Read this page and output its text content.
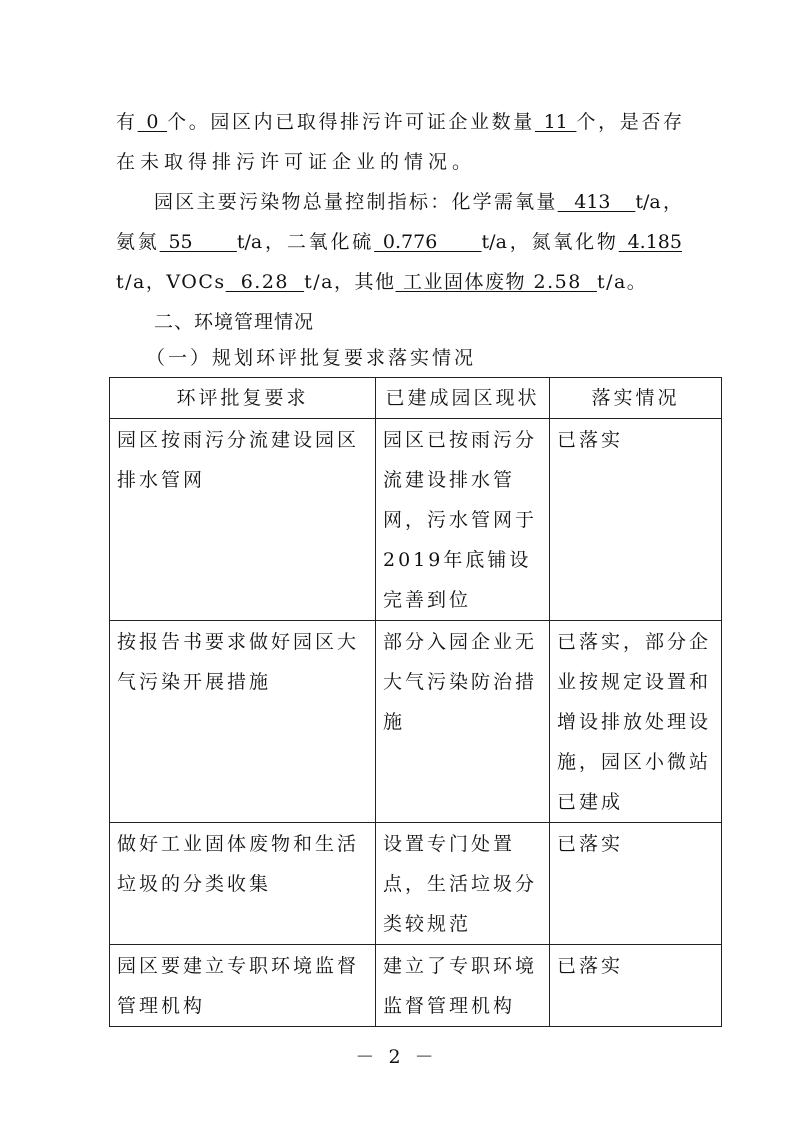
有 0 个。园区内已取得排污许可证企业数量 11 个，是否存
在未取得排污许可证企业的情况。
园区主要污染物总量控制指标：化学需氧量  413   t/a，
氨氮 55     t/a，二氧化硫 0.776     t/a，氮氧化物 4.185
t/a，VOCs  6.28  t/a，其他 工业固体废物 2.58  t/a。
二、环境管理情况
（一）规划环评批复要求落实情况
环评批复要求	已建成园区现状	落实情况
园区按雨污分流建设园区排水管网	园区已按雨污分流建设排水管网，污水管网于2019年底铺设完善到位	已落实
按报告书要求做好园区大气污染开展措施	部分入园企业无大气污染防治措施	已落实，部分企业按规定设置和增设排放处理设施，园区小微站已建成
做好工业固体废物和生活垃圾的分类收集	设置专门处置点，生活垃圾分类较规范	已落实
园区要建立专职环境监督管理机构	建立了专职环境监督管理机构	已落实
－ 2 －
